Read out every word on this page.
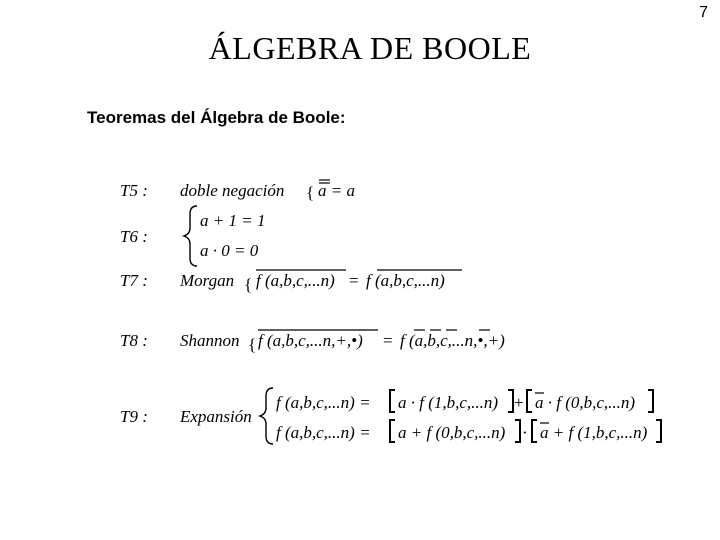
7
ÁLGEBRA DE BOOLE
Teoremas del Álgebra de Boole:
T5 : doble negación { a = a
T6 :
a + 1 = 1
a · 0 = 0
T7 : Morgan { f (a,b,c,...n) = f (a,b,c,...n)
T8 : Shannon { f (a,b,c,...n,+,•) = f (a,b,c,...n,•,+)
T9 : Expansión
f (a,b,c,...n) = a · f (1,b,c,...n) + a · f (0,b,c,...n)
f (a,b,c,...n) = a + f (0,b,c,...n) · a + f (1,b,c,...n)
